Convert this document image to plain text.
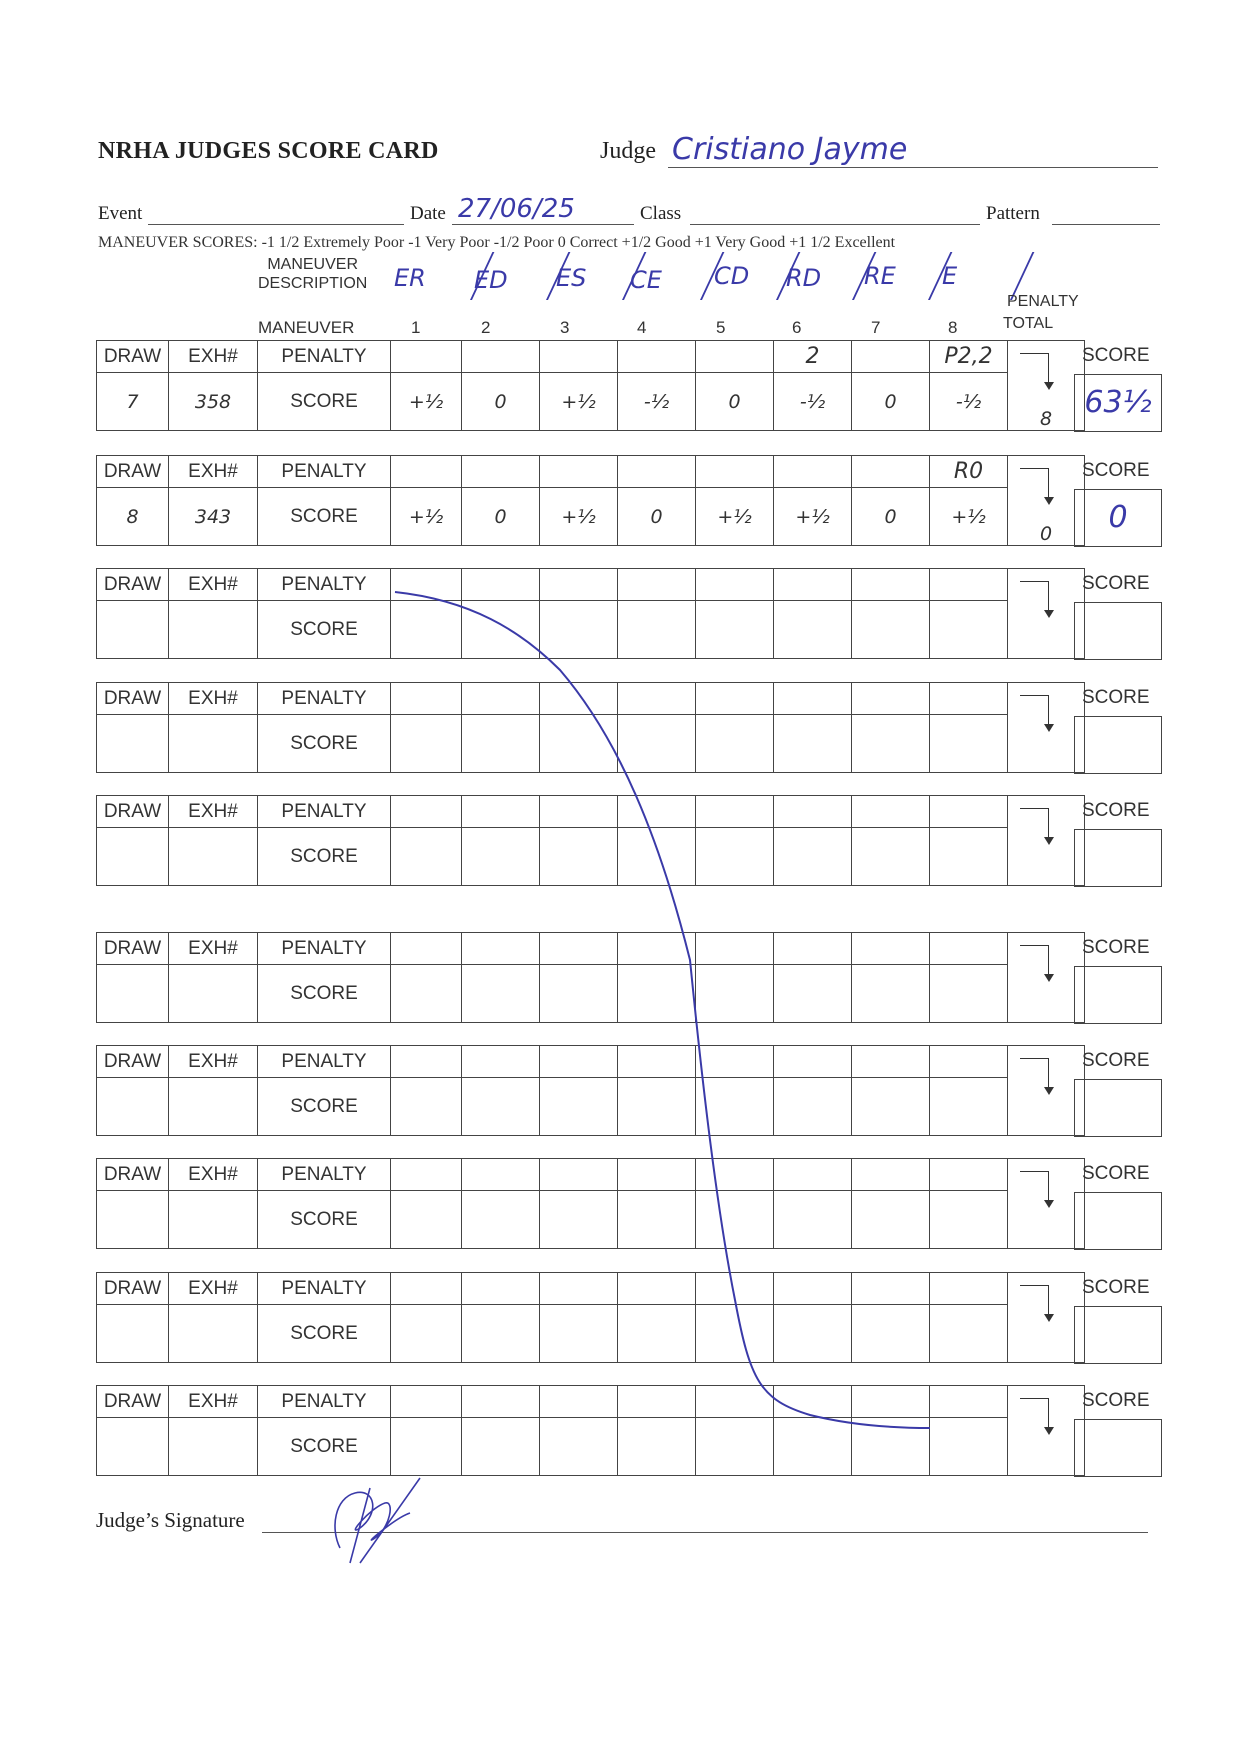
NRHA JUDGES SCORE CARD	Judge Cristiano Jayme
Event	Date 27/06/25	Class	Pattern
MANEUVER SCORES: -1 1/2 Extremely Poor -1 Very Poor -1/2 Poor 0 Correct +1/2 Good +1 Very Good +1 1/2 Excellent
MANEUVER
DESCRIPTION ER ED ES CE CD RD RE E
MANEUVER	1	2	3	4	5	6	7	8
PENALTY
TOTAL
DRAW	EXH#	PENALTY						2		P2,2	8
7	358	SCORE	+½	0	+½	-½	0	-½	0	-½	
SCORE
63½
DRAW	EXH#	PENALTY								R0	0
8	343	SCORE	+½	0	+½	0	+½	+½	0	+½	
SCORE
0
DRAW	EXH#	PENALTY									

		SCORE									
SCORE
DRAW	EXH#	PENALTY									

		SCORE									
SCORE
DRAW	EXH#	PENALTY									

		SCORE									
SCORE
DRAW	EXH#	PENALTY									

		SCORE									
SCORE
DRAW	EXH#	PENALTY									

		SCORE									
SCORE
DRAW	EXH#	PENALTY									

		SCORE									
SCORE
DRAW	EXH#	PENALTY									

		SCORE									
SCORE
DRAW	EXH#	PENALTY									

		SCORE									
SCORE
Judge’s Signature
